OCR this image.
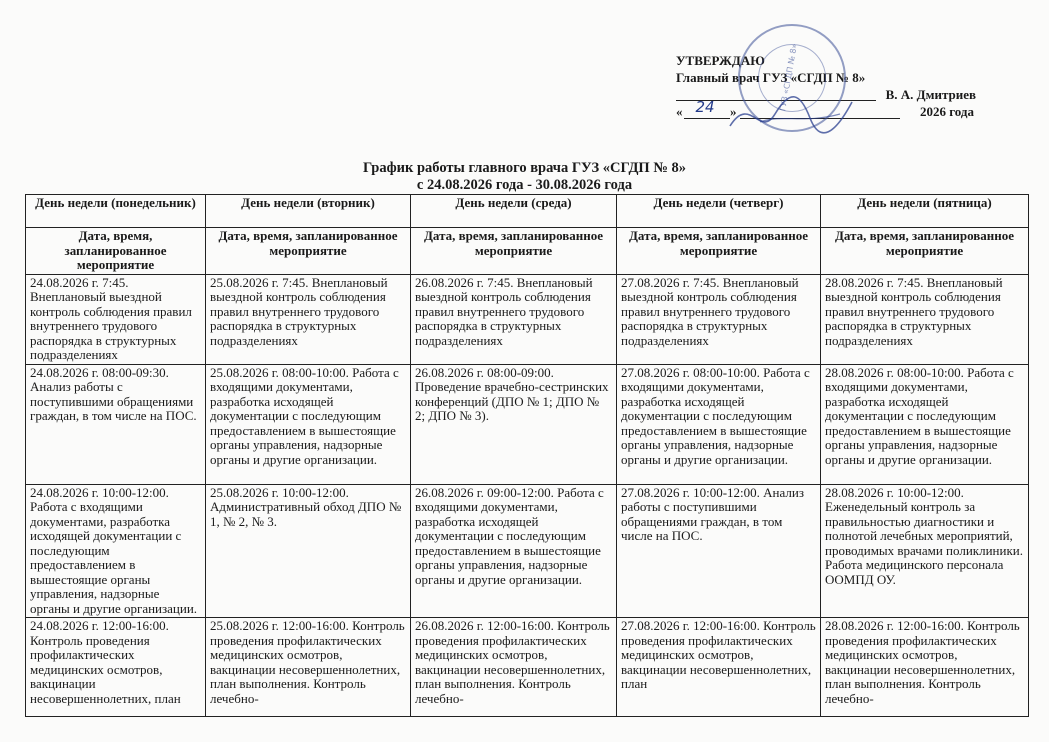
УТВЕРЖДАЮ
Главный врач ГУЗ «СГДП № 8»
В. А. Дмитриев
« 24	»	2026 года
ГУЗ «СГДП № 8»
График работы главного врача ГУЗ «СГДП № 8»
с 24.08.2026 года - 30.08.2026 года
День недели (понедельник)	День недели (вторник)	День недели (среда)	День недели (четверг)	День недели (пятница)
Дата, время, запланированное мероприятие	Дата, время, запланированное мероприятие	Дата, время, запланированное мероприятие	Дата, время, запланированное мероприятие	Дата, время, запланированное мероприятие
24.08.2026 г. 7:45. Внеплановый выездной контроль соблюдения правил внутреннего трудового распорядка в структурных подразделениях	25.08.2026 г. 7:45. Внеплановый выездной контроль соблюдения правил внутреннего трудового распорядка в структурных подразделениях	26.08.2026 г. 7:45. Внеплановый выездной контроль соблюдения правил внутреннего трудового распорядка в структурных подразделениях	27.08.2026 г. 7:45. Внеплановый выездной контроль соблюдения правил внутреннего трудового распорядка в структурных подразделениях	28.08.2026 г. 7:45. Внеплановый выездной контроль соблюдения правил внутреннего трудового распорядка в структурных подразделениях
24.08.2026 г. 08:00-09:30. Анализ работы с поступившими обращениями граждан, в том числе на ПОС.	25.08.2026 г. 08:00-10:00. Работа с входящими документами, разработка исходящей документации с последующим предоставлением в вышестоящие органы управления, надзорные органы и другие организации.	26.08.2026 г. 08:00-09:00. Проведение врачебно-сестринских конференций (ДПО № 1; ДПО № 2; ДПО № 3).	27.08.2026 г. 08:00-10:00. Работа с входящими документами, разработка исходящей документации с последующим предоставлением в вышестоящие органы управления, надзорные органы и другие организации.	28.08.2026 г. 08:00-10:00. Работа с входящими документами, разработка исходящей документации с последующим предоставлением в вышестоящие органы управления, надзорные органы и другие организации.
24.08.2026 г. 10:00-12:00. Работа с входящими документами, разработка исходящей документации с последующим предоставлением в вышестоящие органы управления, надзорные органы и другие организации.	25.08.2026 г. 10:00-12:00. Административный обход ДПО № 1, № 2, № 3.	26.08.2026 г. 09:00-12:00. Работа с входящими документами, разработка исходящей документации с последующим предоставлением в вышестоящие органы управления, надзорные органы и другие организации.	27.08.2026 г. 10:00-12:00. Анализ работы с поступившими обращениями граждан, в том числе на ПОС.	28.08.2026 г. 10:00-12:00. Еженедельный контроль за правильностью диагностики и полнотой лечебных мероприятий, проводимых врачами поликлиники. Работа медицинского персонала ООМПД ОУ.
24.08.2026 г. 12:00-16:00. Контроль проведения профилактических медицинских осмотров, вакцинации несовершеннолетних, план	25.08.2026 г. 12:00-16:00. Контроль проведения профилактических медицинских осмотров, вакцинации несовершеннолетних, план выполнения. Контроль лечебно-	26.08.2026 г. 12:00-16:00. Контроль проведения профилактических медицинских осмотров, вакцинации несовершеннолетних, план выполнения. Контроль лечебно-	27.08.2026 г. 12:00-16:00. Контроль проведения профилактических медицинских осмотров, вакцинации несовершеннолетних, план	28.08.2026 г. 12:00-16:00. Контроль проведения профилактических медицинских осмотров, вакцинации несовершеннолетних, план выполнения. Контроль лечебно-
